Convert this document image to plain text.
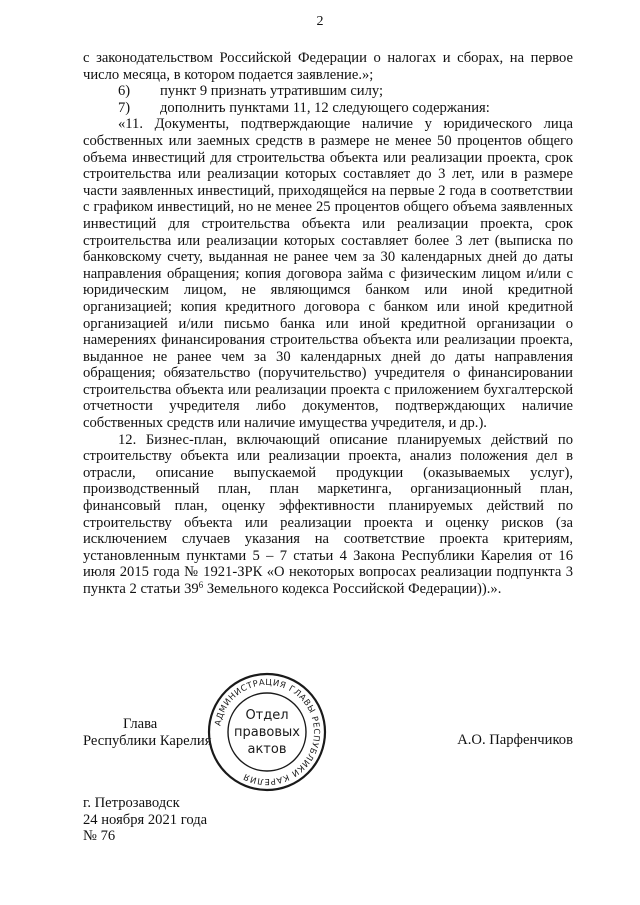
2

с законодательством Российской Федерации о налогах и сборах, на первое число месяца, в котором подается заявление.»;

6)	пункт 9 признать утратившим силу;
7)	дополнить пунктами 11, 12 следующего содержания:

«11. Документы, подтверждающие наличие у юридического лица собственных или заемных средств в размере не менее 50 процентов общего объема инвестиций для строительства объекта или реализации проекта, срок строительства или реализации которых составляет до 3 лет, или в размере части заявленных инвестиций, приходящейся на первые 2 года в соответствии с графиком инвестиций, но не менее 25 процентов общего объема заявленных инвестиций для строительства объекта или реализации проекта, срок строительства или реализации которых составляет более 3 лет (выписка по банковскому счету, выданная не ранее чем за 30 календарных дней до даты направления обращения; копия договора займа с физическим лицом и/или с юридическим лицом, не являющимся банком или иной кредитной организацией; копия кредитного договора с банком или иной кредитной организацией и/или письмо банка или иной кредитной организации о намерениях финансирования строительства объекта или реализации проекта, выданное не ранее чем за 30 календарных дней до даты направления обращения; обязательство (поручительство) учредителя о финансировании строительства объекта или реализации проекта с приложением бухгалтерской отчетности учредителя либо документов, подтверждающих наличие собственных средств или наличие имущества учредителя, и др.).

12. Бизнес-план, включающий описание планируемых действий по строительству объекта или реализации проекта, анализ положения дел в отрасли, описание выпускаемой продукции (оказываемых услуг), производственный план, план маркетинга, организационный план, финансовый план, оценку эффективности планируемых действий по строительству объекта или реализации проекта и оценку рисков (за исключением случаев указания на соответствие проекта критериям, установленным пунктами 5 – 7 статьи 4 Закона Республики Карелия от 16 июля 2015 года № 1921-ЗРК «О некоторых вопросах реализации подпункта 3 пункта 2 статьи $39^6$ Земельного кодекса Российской Федерации)).».

Глава
Республики Карелия	А.О. Парфенчиков
АДМИНИСТРАЦИЯ ГЛАВЫ РЕСПУБЛИКИ КАРЕЛИЯ
Отдел
правовых
актов
г. Петрозаводск
24 ноября 2021 года
№ 76
